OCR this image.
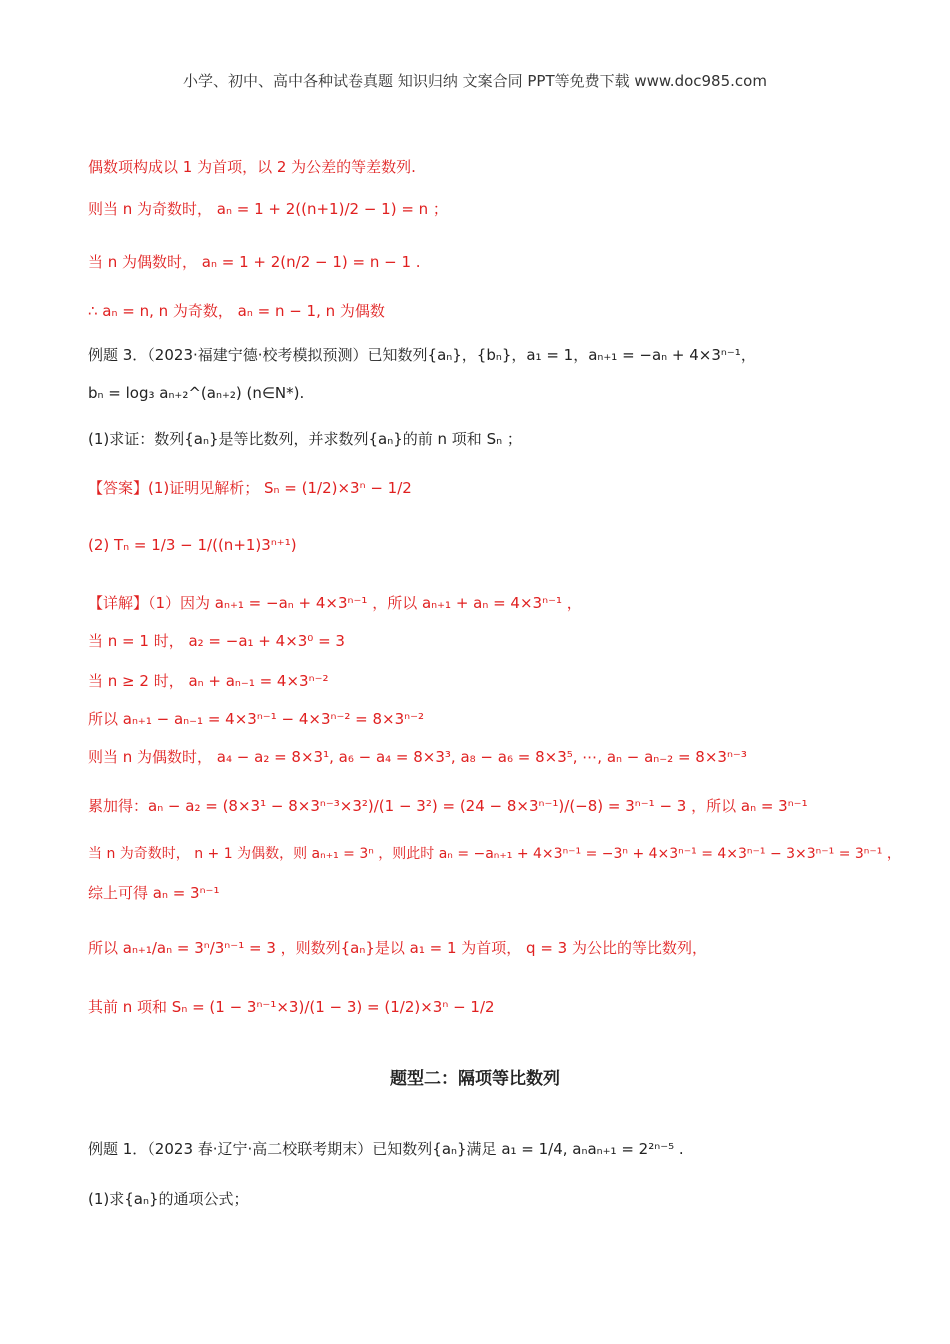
小学、初中、高中各种试卷真题 知识归纳 文案合同 PPT等免费下载 www.doc985.com
偶数项构成以 1 为首项，以 2 为公差的等差数列.
则当 n 为奇数时， aₙ = 1 + 2((n+1)/2 − 1) = n ；
当 n 为偶数时， aₙ = 1 + 2(n/2 − 1) = n − 1 .
∴ aₙ = n, n 为奇数， aₙ = n − 1, n 为偶数
例题 3．（2023·福建宁德·校考模拟预测）已知数列{aₙ}，{bₙ}，a₁ = 1，aₙ₊₁ = −aₙ + 4×3ⁿ⁻¹，
bₙ = log₃ aₙ₊₂^(aₙ₊₂) (n∈N*).
(1)求证：数列{aₙ}是等比数列，并求数列{aₙ}的前 n 项和 Sₙ ；
【答案】(1)证明见解析； Sₙ = (1/2)×3ⁿ − 1/2
(2) Tₙ = 1/3 − 1/((n+1)3ⁿ⁺¹)
【详解】（1）因为 aₙ₊₁ = −aₙ + 4×3ⁿ⁻¹ ，所以 aₙ₊₁ + aₙ = 4×3ⁿ⁻¹ ，
当 n = 1 时， a₂ = −a₁ + 4×3⁰ = 3
当 n ≥ 2 时， aₙ + aₙ₋₁ = 4×3ⁿ⁻²
所以 aₙ₊₁ − aₙ₋₁ = 4×3ⁿ⁻¹ − 4×3ⁿ⁻² = 8×3ⁿ⁻²
则当 n 为偶数时， a₄ − a₂ = 8×3¹, a₆ − a₄ = 8×3³, a₈ − a₆ = 8×3⁵, ⋯, aₙ − aₙ₋₂ = 8×3ⁿ⁻³
累加得：aₙ − a₂ = (8×3¹ − 8×3ⁿ⁻³×3²)/(1 − 3²) = (24 − 8×3ⁿ⁻¹)/(−8) = 3ⁿ⁻¹ − 3 ，所以 aₙ = 3ⁿ⁻¹
当 n 为奇数时， n + 1 为偶数，则 aₙ₊₁ = 3ⁿ ，则此时 aₙ = −aₙ₊₁ + 4×3ⁿ⁻¹ = −3ⁿ + 4×3ⁿ⁻¹ = 4×3ⁿ⁻¹ − 3×3ⁿ⁻¹ = 3ⁿ⁻¹ ，
综上可得 aₙ = 3ⁿ⁻¹
所以 aₙ₊₁/aₙ = 3ⁿ/3ⁿ⁻¹ = 3 ，则数列{aₙ}是以 a₁ = 1 为首项， q = 3 为公比的等比数列，
其前 n 项和 Sₙ = (1 − 3ⁿ⁻¹×3)/(1 − 3) = (1/2)×3ⁿ − 1/2
题型二：隔项等比数列
例题 1．（2023 春·辽宁·高二校联考期末）已知数列{aₙ}满足 a₁ = 1/4, aₙaₙ₊₁ = 2²ⁿ⁻⁵ .
(1)求{aₙ}的通项公式；
